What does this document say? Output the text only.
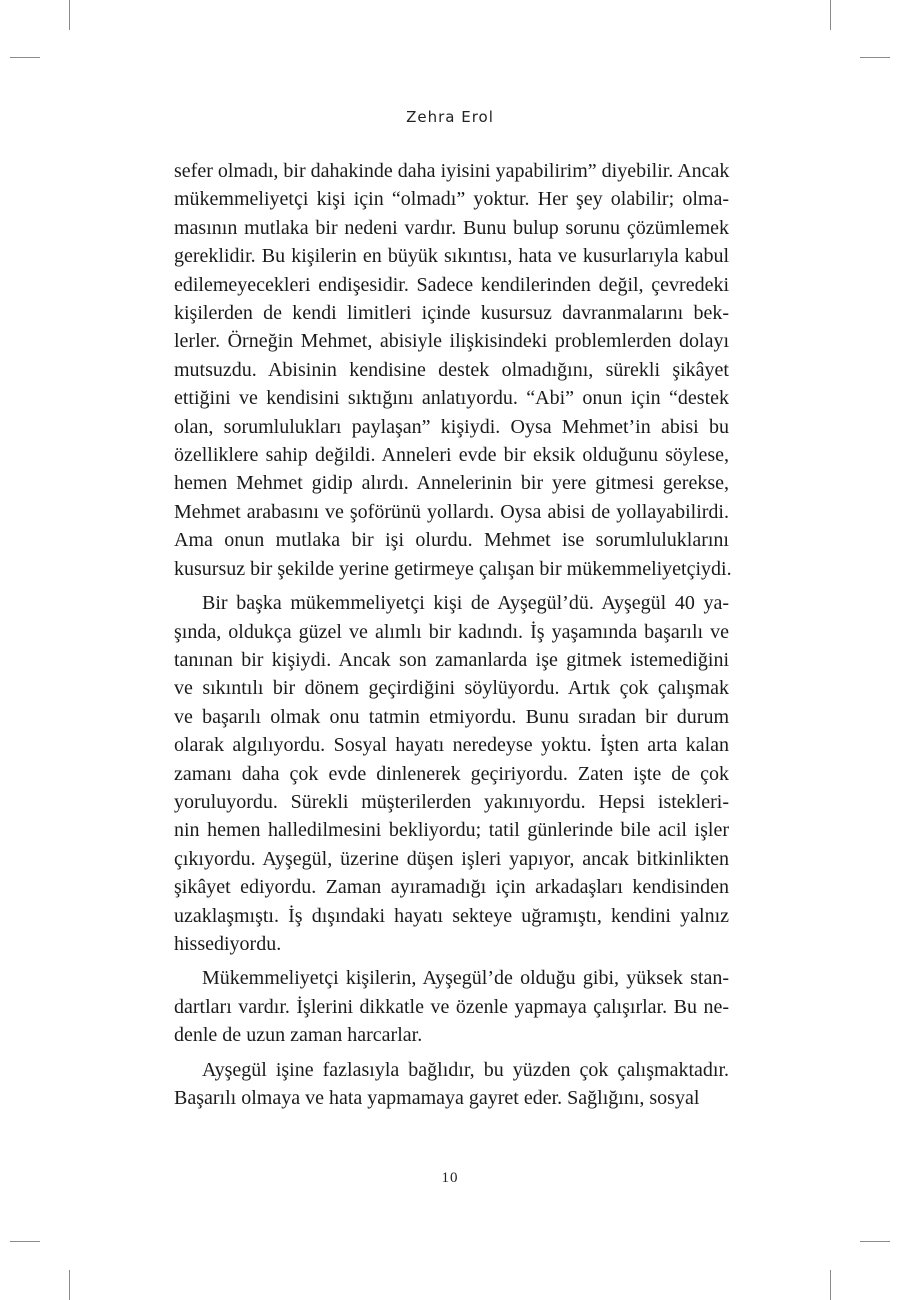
Zehra Erol
sefer olmadı, bir dahakinde daha iyisini yapabilirim” diyebilir. Ancak
mükemmeliyetçi kişi için “olmadı” yoktur. Her şey olabilir; olma-
masının mutlaka bir nedeni vardır. Bunu bulup sorunu çözümlemek
gereklidir. Bu kişilerin en büyük sıkıntısı, hata ve kusurlarıyla kabul
edilemeyecekleri endişesidir. Sadece kendilerinden değil, çevredeki
kişilerden de kendi limitleri içinde kusursuz davranmalarını bek-
lerler. Örneğin Mehmet, abisiyle ilişkisindeki problemlerden dolayı
mutsuzdu. Abisinin kendisine destek olmadığını, sürekli şikâyet
ettiğini ve kendisini sıktığını anlatıyordu. “Abi” onun için “destek
olan, sorumlulukları paylaşan” kişiydi. Oysa Mehmet’in abisi bu
özelliklere sahip değildi. Anneleri evde bir eksik olduğunu söylese,
hemen Mehmet gidip alırdı. Annelerinin bir yere gitmesi gerekse,
Mehmet arabasını ve şoförünü yollardı. Oysa abisi de yollayabilirdi.
Ama onun mutlaka bir işi olurdu. Mehmet ise sorumluluklarını
kusursuz bir şekilde yerine getirmeye çalışan bir mükemmeliyetçiydi.
Bir başka mükemmeliyetçi kişi de Ayşegül’dü. Ayşegül 40 ya-
şında, oldukça güzel ve alımlı bir kadındı. İş yaşamında başarılı ve
tanınan bir kişiydi. Ancak son zamanlarda işe gitmek istemediğini
ve sıkıntılı bir dönem geçirdiğini söylüyordu. Artık çok çalışmak
ve başarılı olmak onu tatmin etmiyordu. Bunu sıradan bir durum
olarak algılıyordu. Sosyal hayatı neredeyse yoktu. İşten arta kalan
zamanı daha çok evde dinlenerek geçiriyordu. Zaten işte de çok
yoruluyordu. Sürekli müşterilerden yakınıyordu. Hepsi istekleri-
nin hemen halledilmesini bekliyordu; tatil günlerinde bile acil işler
çıkıyordu. Ayşegül, üzerine düşen işleri yapıyor, ancak bitkinlikten
şikâyet ediyordu. Zaman ayıramadığı için arkadaşları kendisinden
uzaklaşmıştı. İş dışındaki hayatı sekteye uğramıştı, kendini yalnız
hissediyordu.
Mükemmeliyetçi kişilerin, Ayşegül’de olduğu gibi, yüksek stan-
dartları vardır. İşlerini dikkatle ve özenle yapmaya çalışırlar. Bu ne-
denle de uzun zaman harcarlar.
Ayşegül işine fazlasıyla bağlıdır, bu yüzden çok çalışmaktadır.
Başarılı olmaya ve hata yapmamaya gayret eder. Sağlığını, sosyal
10
